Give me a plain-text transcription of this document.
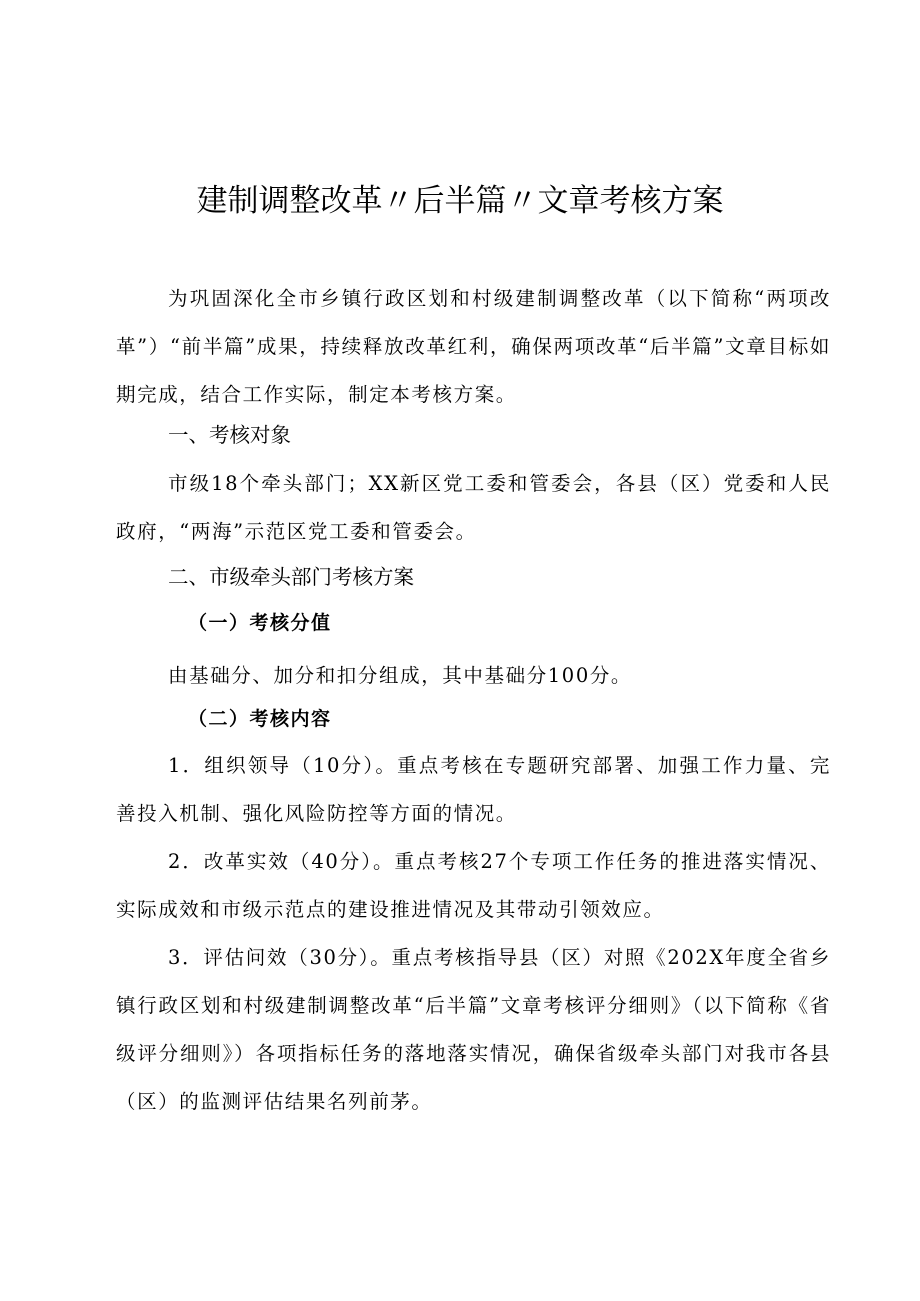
建制调整改革〃后半篇〃文章考核方案

为巩固深化全市乡镇行政区划和村级建制调整改革（以下简称“两项改革”）“前半篇”成果，持续释放改革红利，确保两项改革“后半篇”文章目标如期完成，结合工作实际，制定本考核方案。

一、考核对象

市级18个牵头部门；XX新区党工委和管委会，各县（区）党委和人民政府，“两海”示范区党工委和管委会。

二、市级牵头部门考核方案
（一）考核分值

由基础分、加分和扣分组成，其中基础分100分。

（二）考核内容

1．组织领导（10分）。重点考核在专题研究部署、加强工作力量、完善投入机制、强化风险防控等方面的情况。

2．改革实效（40分）。重点考核27个专项工作任务的推进落实情况、实际成效和市级示范点的建设推进情况及其带动引领效应。

3．评估问效（30分）。重点考核指导县（区）对照《202X年度全省乡镇行政区划和村级建制调整改革“后半篇”文章考核评分细则》（以下简称《省级评分细则》）各项指标任务的落地落实情况，确保省级牵头部门对我市各县（区）的监测评估结果名列前茅。
